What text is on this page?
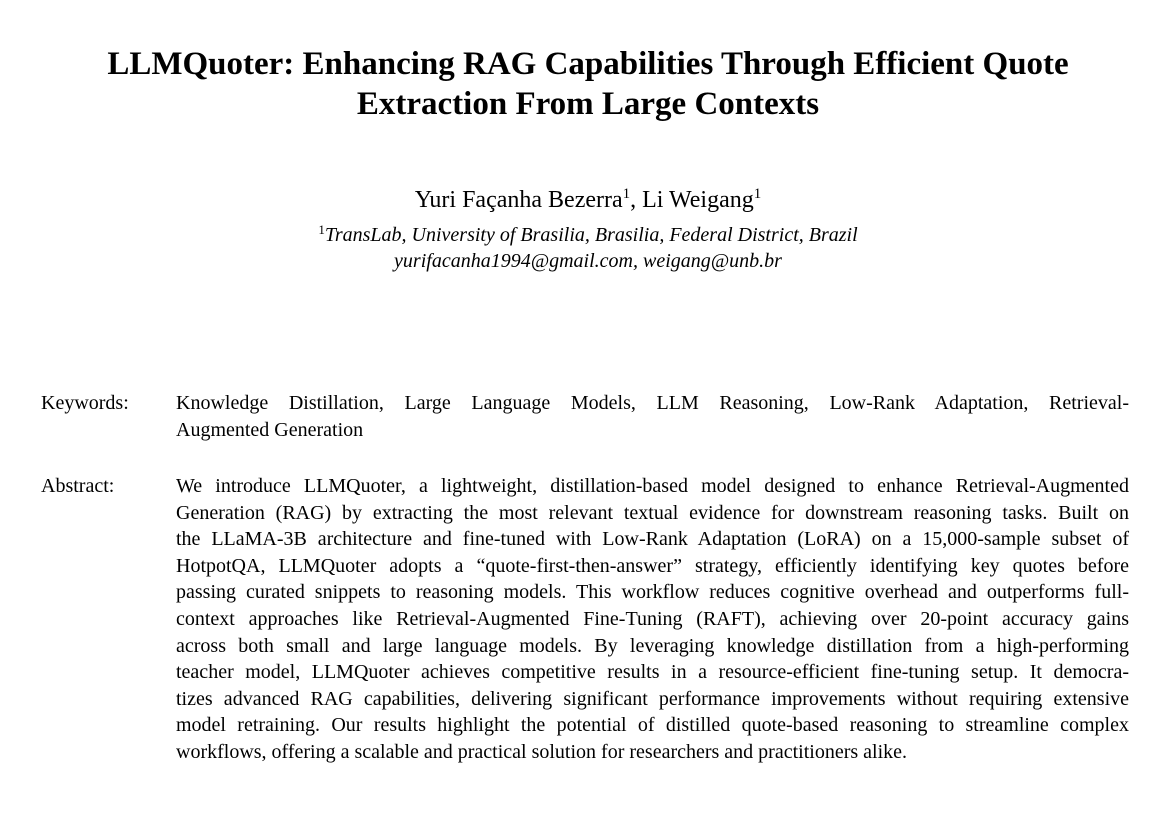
LLMQuoter: Enhancing RAG Capabilities Through Efficient Quote
Extraction From Large Contexts
Yuri Façanha Bezerra$^1$, Li Weigang$^1$
$^1$TransLab, University of Brasilia, Brasilia, Federal District, Brazil
yurifacanha1994@gmail.com, weigang@unb.br
Keywords: Knowledge Distillation, Large Language Models, LLM Reasoning, Low-Rank Adaptation, Retrieval-
Augmented Generation
Abstract:	We introduce LLMQuoter, a lightweight, distillation-based model designed to enhance Retrieval-Augmented
Generation (RAG) by extracting the most relevant textual evidence for downstream reasoning tasks. Built on
the LLaMA-3B architecture and fine-tuned with Low-Rank Adaptation (LoRA) on a 15,000-sample subset of
HotpotQA, LLMQuoter adopts a “quote-first-then-answer” strategy, efficiently identifying key quotes before
passing curated snippets to reasoning models. This workflow reduces cognitive overhead and outperforms full-
context approaches like Retrieval-Augmented Fine-Tuning (RAFT), achieving over 20-point accuracy gains
across both small and large language models. By leveraging knowledge distillation from a high-performing
teacher model, LLMQuoter achieves competitive results in a resource-efficient fine-tuning setup. It democra-
tizes advanced RAG capabilities, delivering significant performance improvements without requiring extensive
model retraining. Our results highlight the potential of distilled quote-based reasoning to streamline complex
workflows, offering a scalable and practical solution for researchers and practitioners alike.
